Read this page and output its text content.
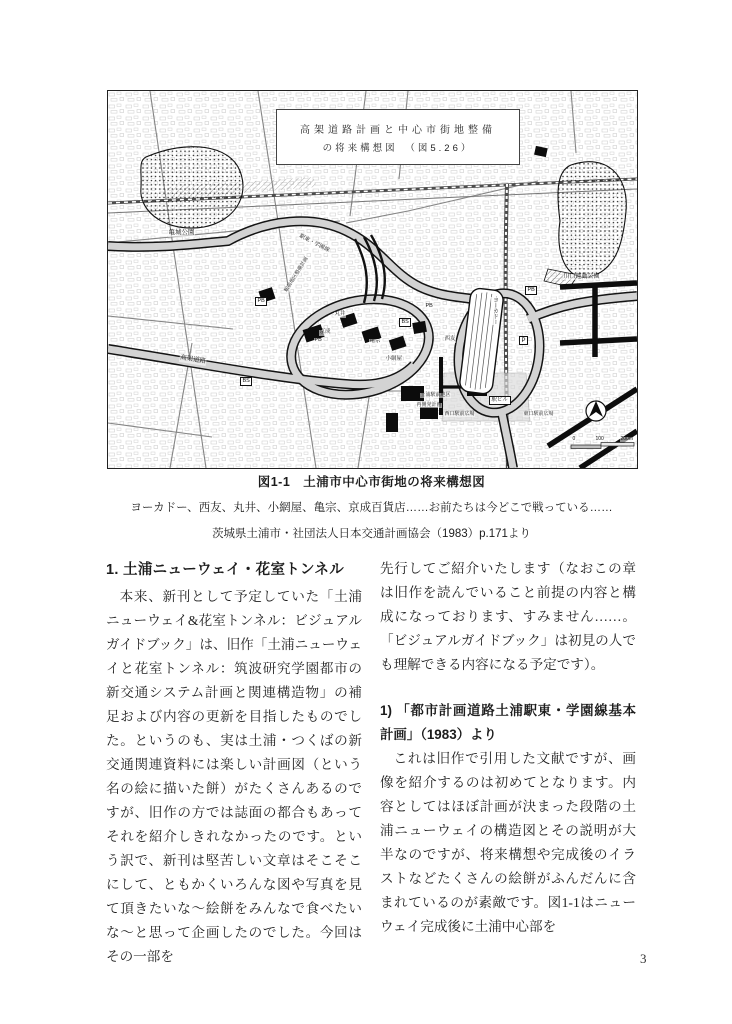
高架道路計画と中心市街地整備
の将来構想図　（図5.26）
亀城公園
川口運動公園
高架道路
駅東・学園線
駅前地区整備計画
BS
BS
PB
PB
PB
PB
P
丸井
京成
亀宗
小網屋
西友
ヨーカドー
駅ビル
土浦駅前地区
再開発計画
西口駅前広場	東口駅前広場
0	100	200m
図1-1　土浦市中心市街地の将来構想図
ヨーカドー、西友、丸井、小網屋、亀宗、京成百貨店……お前たちは今どこで戦っている……
茨城県土浦市・社団法人日本交通計画協会（1983）p.171より
1. 土浦ニューウェイ・花室トンネル

本来、新刊として予定していた「土浦ニューウェイ&花室トンネル：ビジュアルガイドブック」は、旧作「土浦ニューウェイと花室トンネル：筑波研究学園都市の新交通システム計画と関連構造物」の補足および内容の更新を目指したものでした。というのも、実は土浦・つくばの新交通関連資料には楽しい計画図（という名の絵に描いた餅）がたくさんあるのですが、旧作の方では誌面の都合もあってそれを紹介しきれなかったのです。という訳で、新刊は堅苦しい文章はそこそこにして、ともかくいろんな図や写真を見て頂きたいな～絵餅をみんなで食べたいな～と思って企画したのでした。今回はその一部を

先行してご紹介いたします（なおこの章は旧作を読んでいること前提の内容と構成になっております、すみません……。「ビジュアルガイドブック」は初見の人でも理解できる内容になる予定です）。

1) 「都市計画道路土浦駅東・学園線基本計画」（1983）より

これは旧作で引用した文献ですが、画像を紹介するのは初めてとなります。内容としてはほぼ計画が決まった段階の土浦ニューウェイの構造図とその説明が大半なのですが、将来構想や完成後のイラストなどたくさんの絵餅がふんだんに含まれているのが素敵です。図1-1はニューウェイ完成後に土浦中心部を

3
